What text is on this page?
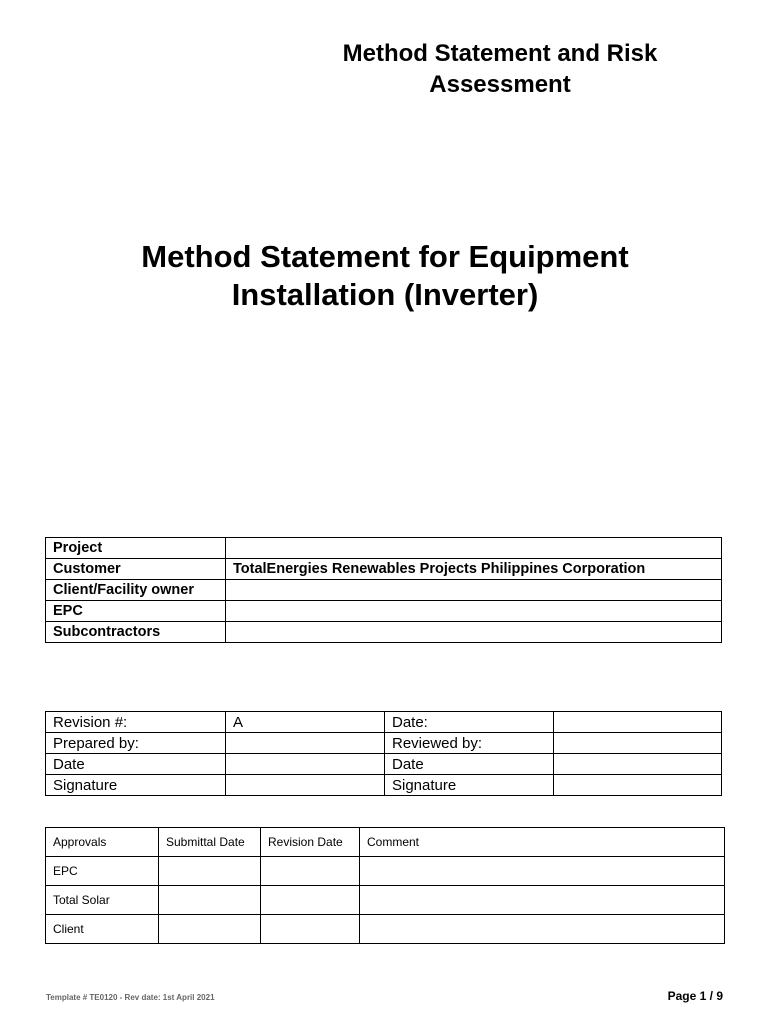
Method Statement and Risk
Assessment
Method Statement for Equipment
Installation (Inverter)
Project	
Customer	TotalEnergies Renewables Projects Philippines Corporation
Client/Facility owner	
EPC	
Subcontractors	
Revision #:	A	Date:	
Prepared by:		Reviewed by:	
Date		Date	
Signature		Signature	
Approvals	Submittal Date	Revision Date	Comment
EPC			
Total Solar			
Client			
Template # TE0120 - Rev date: 1st April 2021	Page 1 / 9
